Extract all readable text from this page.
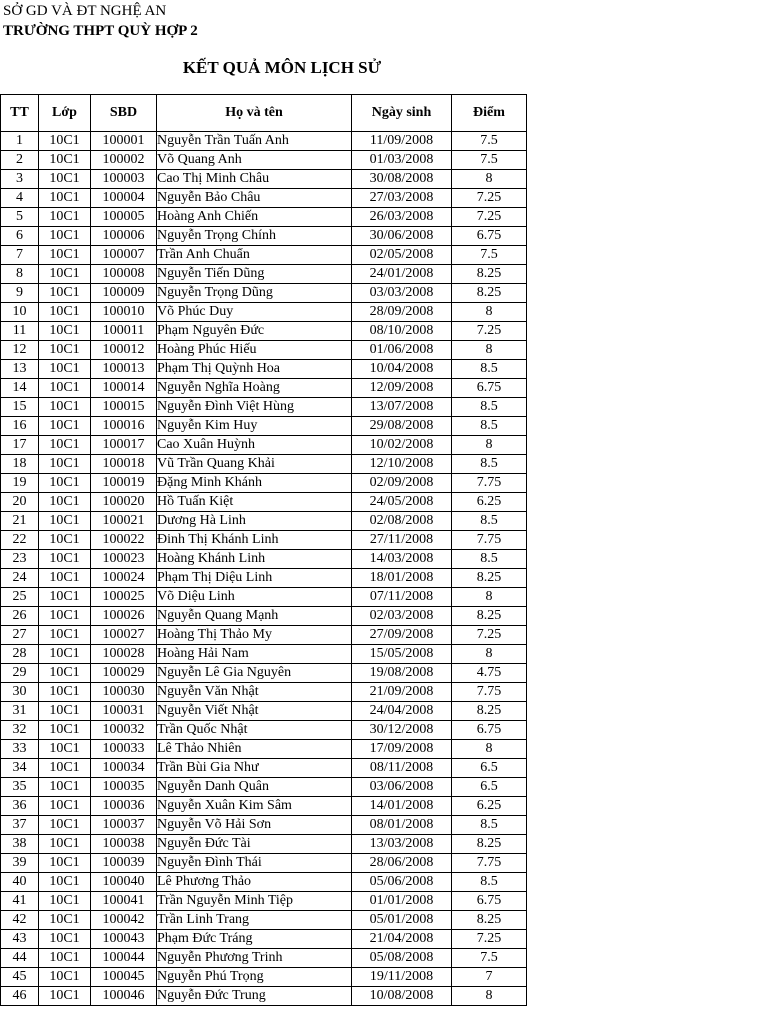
SỞ GD VÀ ĐT NGHỆ AN
TRƯỜNG THPT QUỲ HỢP 2
KẾT QUẢ MÔN LỊCH SỬ
TT	Lớp	SBD	Họ và tên	Ngày sinh	Điểm
1	10C1	100001	Nguyễn Trần Tuấn Anh	11/09/2008	7.5
2	10C1	100002	Võ Quang Anh	01/03/2008	7.5
3	10C1	100003	Cao Thị Minh Châu	30/08/2008	8
4	10C1	100004	Nguyễn Bảo Châu	27/03/2008	7.25
5	10C1	100005	Hoàng Anh Chiến	26/03/2008	7.25
6	10C1	100006	Nguyễn Trọng Chính	30/06/2008	6.75
7	10C1	100007	Trần Anh Chuẩn	02/05/2008	7.5
8	10C1	100008	Nguyễn Tiến Dũng	24/01/2008	8.25
9	10C1	100009	Nguyễn Trọng Dũng	03/03/2008	8.25
10	10C1	100010	Võ Phúc Duy	28/09/2008	8
11	10C1	100011	Phạm Nguyên Đức	08/10/2008	7.25
12	10C1	100012	Hoàng Phúc Hiếu	01/06/2008	8
13	10C1	100013	Phạm Thị Quỳnh Hoa	10/04/2008	8.5
14	10C1	100014	Nguyễn Nghĩa Hoàng	12/09/2008	6.75
15	10C1	100015	Nguyễn Đình Việt Hùng	13/07/2008	8.5
16	10C1	100016	Nguyễn Kim Huy	29/08/2008	8.5
17	10C1	100017	Cao Xuân Huỳnh	10/02/2008	8
18	10C1	100018	Vũ Trần Quang Khải	12/10/2008	8.5
19	10C1	100019	Đặng Minh Khánh	02/09/2008	7.75
20	10C1	100020	Hồ Tuấn Kiệt	24/05/2008	6.25
21	10C1	100021	Dương Hà Linh	02/08/2008	8.5
22	10C1	100022	Đinh Thị Khánh Linh	27/11/2008	7.75
23	10C1	100023	Hoàng Khánh Linh	14/03/2008	8.5
24	10C1	100024	Phạm Thị Diệu Linh	18/01/2008	8.25
25	10C1	100025	Võ Diệu Linh	07/11/2008	8
26	10C1	100026	Nguyễn Quang Mạnh	02/03/2008	8.25
27	10C1	100027	Hoàng Thị Thảo My	27/09/2008	7.25
28	10C1	100028	Hoàng Hải Nam	15/05/2008	8
29	10C1	100029	Nguyễn Lê Gia Nguyên	19/08/2008	4.75
30	10C1	100030	Nguyễn Văn Nhật	21/09/2008	7.75
31	10C1	100031	Nguyễn Viết Nhật	24/04/2008	8.25
32	10C1	100032	Trần Quốc Nhật	30/12/2008	6.75
33	10C1	100033	Lê Thảo Nhiên	17/09/2008	8
34	10C1	100034	Trần Bùi Gia Như	08/11/2008	6.5
35	10C1	100035	Nguyễn Danh Quân	03/06/2008	6.5
36	10C1	100036	Nguyễn Xuân Kim Sâm	14/01/2008	6.25
37	10C1	100037	Nguyễn Võ Hải Sơn	08/01/2008	8.5
38	10C1	100038	Nguyễn Đức Tài	13/03/2008	8.25
39	10C1	100039	Nguyễn Đình Thái	28/06/2008	7.75
40	10C1	100040	Lê Phương Thảo	05/06/2008	8.5
41	10C1	100041	Trần Nguyễn Minh Tiệp	01/01/2008	6.75
42	10C1	100042	Trần Linh Trang	05/01/2008	8.25
43	10C1	100043	Phạm Đức Tráng	21/04/2008	7.25
44	10C1	100044	Nguyễn Phương Trinh	05/08/2008	7.5
45	10C1	100045	Nguyễn Phú Trọng	19/11/2008	7
46	10C1	100046	Nguyễn Đức Trung	10/08/2008	8
